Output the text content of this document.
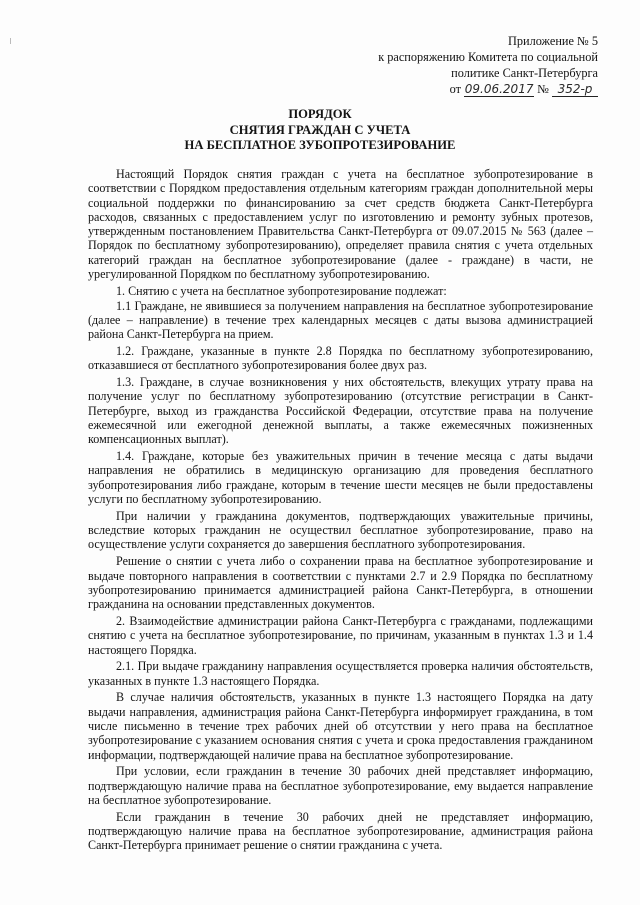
Приложение № 5
к распоряжению Комитета по социальной
политике Санкт-Петербурга
от 09.06.2017 № 352-р
ПОРЯДОК
СНЯТИЯ ГРАЖДАН С УЧЕТА
НА БЕСПЛАТНОЕ ЗУБОПРОТЕЗИРОВАНИЕ

Настоящий Порядок снятия граждан с учета на бесплатное зубопротезирование в соответствии с Порядком предоставления отдельным категориям граждан дополнительной меры социальной поддержки по финансированию за счет средств бюджета Санкт-Петербурга расходов, связанных с предоставлением услуг по изготовлению и ремонту зубных протезов, утвержденным постановлением Правительства Санкт-Петербурга от 09.07.2015 № 563 (далее – Порядок по бесплатному зубопротезированию), определяет правила снятия с учета отдельных категорий граждан на бесплатное зубопротезирование (далее - граждане) в части, не урегулированной Порядком по бесплатному зубопротезированию.

1. Снятию с учета на бесплатное зубопротезирование подлежат:

1.1 Граждане, не явившиеся за получением направления на бесплатное зубопротезирование (далее – направление) в течение трех календарных месяцев с даты вызова администрацией района Санкт-Петербурга на прием.

1.2. Граждане, указанные в пункте 2.8 Порядка по бесплатному зубопротезированию, отказавшиеся от бесплатного зубопротезирования более двух раз.

1.3. Граждане, в случае возникновения у них обстоятельств, влекущих утрату права на получение услуг по бесплатному зубопротезированию (отсутствие регистрации в Санкт-Петербурге, выход из гражданства Российской Федерации, отсутствие права на получение ежемесячной или ежегодной денежной выплаты, а также ежемесячных пожизненных компенсационных выплат).

1.4. Граждане, которые без уважительных причин в течение месяца с даты выдачи направления не обратились в медицинскую организацию для проведения бесплатного зубопротезирования либо граждане, которым в течение шести месяцев не были предоставлены услуги по бесплатному зубопротезированию.

При наличии у гражданина документов, подтверждающих уважительные причины, вследствие которых гражданин не осуществил бесплатное зубопротезирование, право на осуществление услуги сохраняется до завершения бесплатного зубопротезирования.

Решение о снятии с учета либо о сохранении права на бесплатное зубопротезирование и выдаче повторного направления в соответствии с пунктами 2.7 и 2.9 Порядка по бесплатному зубопротезированию принимается администрацией района Санкт-Петербурга, в отношении гражданина на основании представленных документов.

2. Взаимодействие администрации района Санкт-Петербурга с гражданами, подлежащими снятию с учета на бесплатное зубопротезирование, по причинам, указанным в пунктах 1.3 и 1.4 настоящего Порядка.

2.1. При выдаче гражданину направления осуществляется проверка наличия обстоятельств, указанных в пункте 1.3 настоящего Порядка.

В случае наличия обстоятельств, указанных в пункте 1.3 настоящего Порядка на дату выдачи направления, администрация района Санкт-Петербурга информирует гражданина, в том числе письменно в течение трех рабочих дней об отсутствии у него права на бесплатное зубопротезирование с указанием основания снятия с учета и срока предоставления гражданином информации, подтверждающей наличие права на бесплатное зубопротезирование.

При условии, если гражданин в течение 30 рабочих дней представляет информацию, подтверждающую наличие права на бесплатное зубопротезирование, ему выдается направление на бесплатное зубопротезирование.

Если гражданин в течение 30 рабочих дней не представляет информацию, подтверждающую наличие права на бесплатное зубопротезирование, администрация района Санкт-Петербурга принимает решение о снятии гражданина с учета.
